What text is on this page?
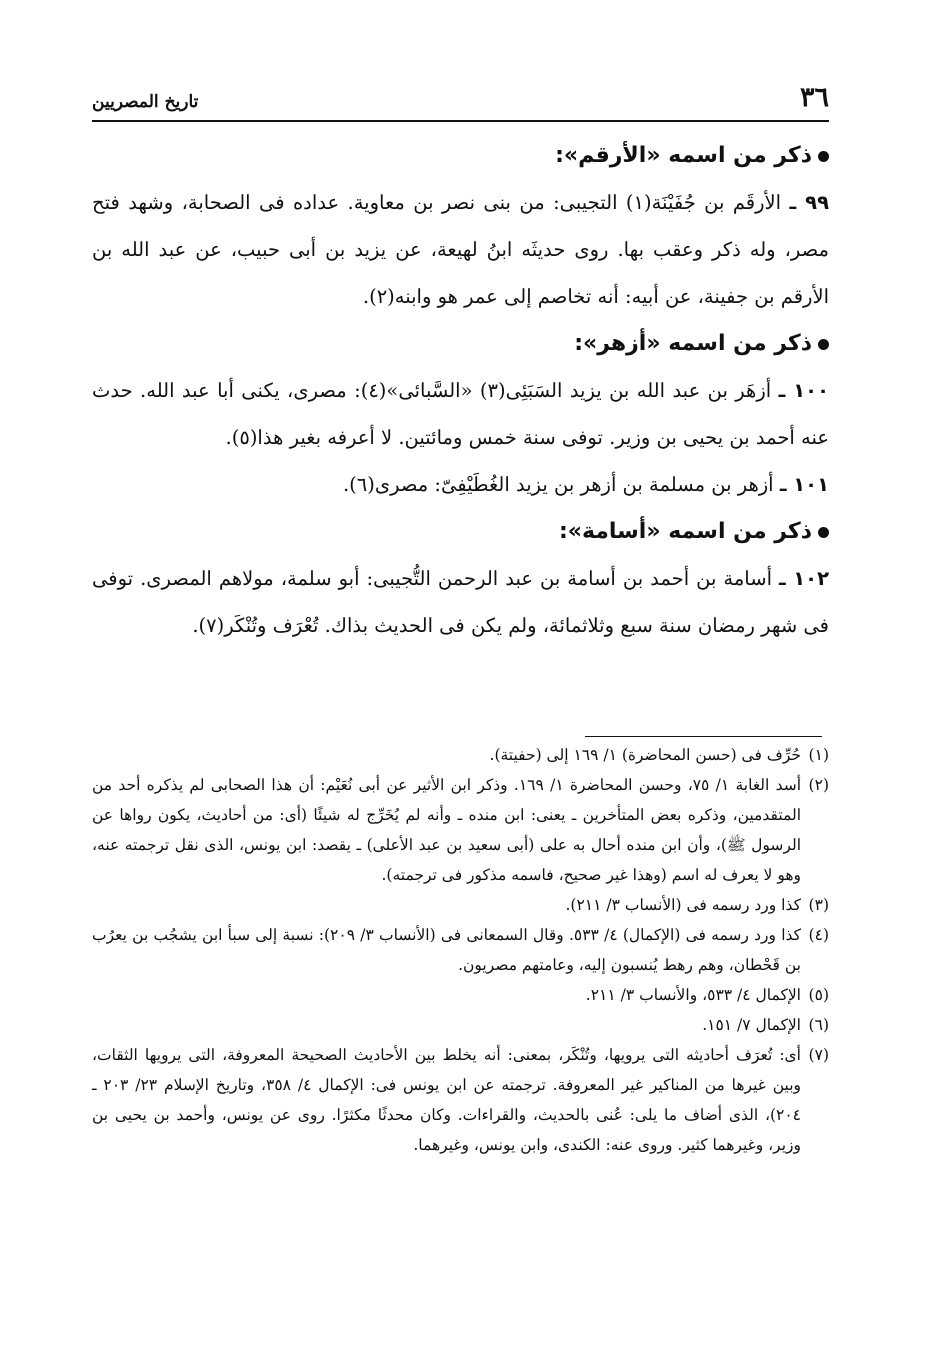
٣٦
تاريخ المصريين
ذكر من اسمه «الأرقم»:

٩٩ ـ الأرقَم بن جُفَيْنَة(١) التجيبى: من بنى نصر بن معاوية. عداده فى الصحابة، وشهد فتح مصر، وله ذكر وعقب بها. روى حديثَه ابنُ لهيعة، عن يزيد بن أبى حبيب، عن عبد الله بن الأرقم بن جفينة، عن أبيه: أنه تخاصم إلى عمر هو وابنه(٢).

ذكر من اسمه «أزهر»:

١٠٠ ـ أزهَر بن عبد الله بن يزيد السَبَئِى(٣) «السَّبائى»(٤): مصرى، يكنى أبا عبد الله. حدث عنه أحمد بن يحيى بن وزير. توفى سنة خمس ومائتين. لا أعرفه بغير هذا(٥).

١٠١ ـ أزهر بن مسلمة بن أزهر بن يزيد الغُطَيْفِىّ: مصرى(٦).

ذكر من اسمه «أسامة»:

١٠٢ ـ أسامة بن أحمد بن أسامة بن عبد الرحمن التُّجيبى: أبو سلمة، مولاهم المصرى. توفى فى شهر رمضان سنة سبع وثلاثمائة، ولم يكن فى الحديث بذاك. تُعْرَف وتُنْكَر(٧).

(١)
حُرِّف فى (حسن المحاضرة) ١/ ١٦٩ إلى (حفيتة).

(٢)
أسد الغابة ١/ ٧٥، وحسن المحاضرة ١/ ١٦٩. وذكر ابن الأثير عن أبى نُعَيْم: أن هذا الصحابى لم يذكره أحد من المتقدمين، وذكره بعض المتأخرين ـ يعنى: ابن منده ـ وأنه لم يُخَرِّج له شيئًا (أى: من أحاديث، يكون رواها عن الرسول ﷺ)، وأن ابن منده أحال به على (أبى سعيد بن عبد الأعلى) ـ يقصد: ابن يونس، الذى نقل ترجمته عنه، وهو لا يعرف له اسم (وهذا غير صحيح، فاسمه مذكور فى ترجمته).

(٣)
كذا ورد رسمه فى (الأنساب ٣/ ٢١١).

(٤)
كذا ورد رسمه فى (الإكمال) ٤/ ٥٣٣. وقال السمعانى فى (الأنساب ٣/ ٢٠٩): نسبة إلى سبأ ابن يشجُب بن يعرُب بن قَحْطان، وهم رهط يُنسبون إليه، وعامتهم مصريون.

(٥)
الإكمال ٤/ ٥٣٣، والأنساب ٣/ ٢١١.

(٦)
الإكمال ٧/ ١٥١.

(٧)
أى: تُعرَف أحاديثه التى يرويها، وتُنْكَر، بمعنى: أنه يخلط بين الأحاديث الصحيحة المعروفة، التى يرويها الثقات، وبين غيرها من المناكير غير المعروفة. ترجمته عن ابن يونس فى: الإكمال ٤/ ٣٥٨، وتاريخ الإسلام ٢٣/ ٢٠٣ ـ ٢٠٤)، الذى أضاف ما يلى: عُنى بالحديث، والقراءات. وكان محدثًا مكثرًا. روى عن يونس، وأحمد بن يحيى بن وزير، وغيرهما كثير. وروى عنه: الكندى، وابن يونس، وغيرهما.
